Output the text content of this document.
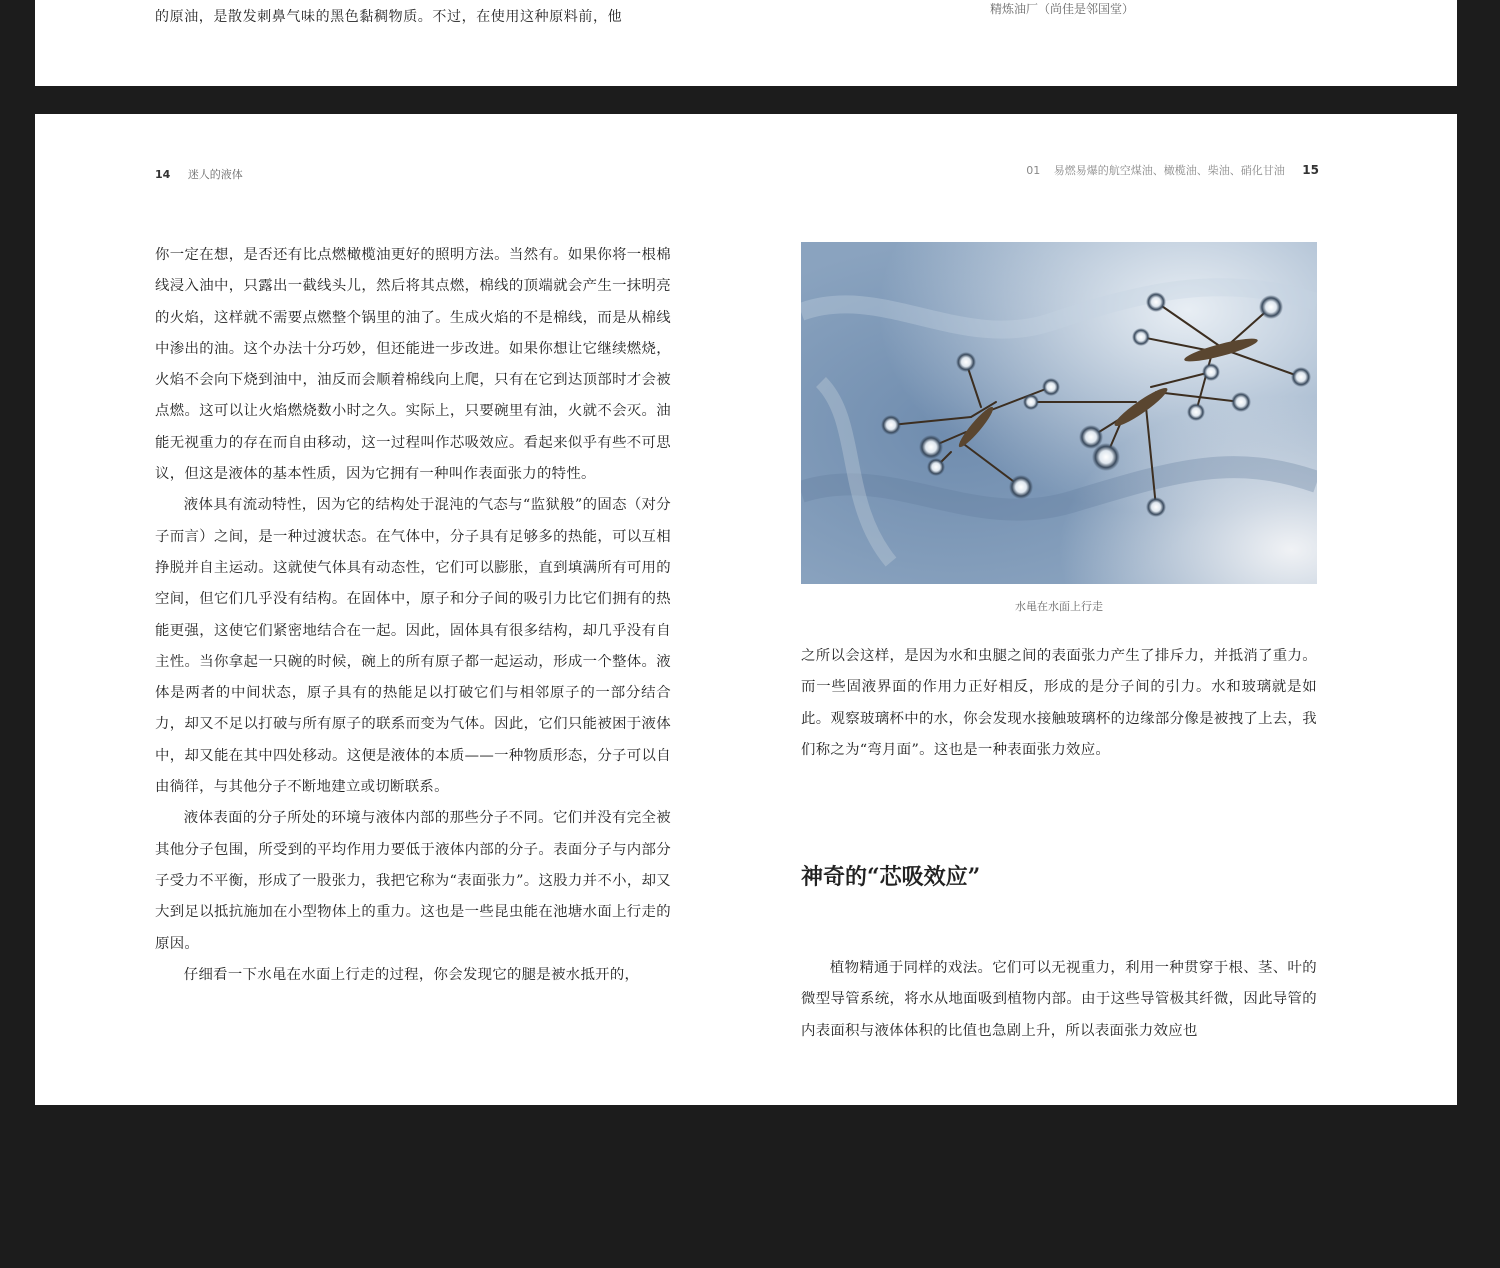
的原油，是散发刺鼻气味的黑色黏稠物质。不过，在使用这种原料前，他	精炼油厂（尚佳是邻国堂）
14 迷人的液体	01 易燃易爆的航空煤油、橄榄油、柴油、硝化甘油 15

你一定在想，是否还有比点燃橄榄油更好的照明方法。当然有。如果你将一根棉线浸入油中，只露出一截线头儿，然后将其点燃，棉线的顶端就会产生一抹明亮的火焰，这样就不需要点燃整个锅里的油了。生成火焰的不是棉线，而是从棉线中渗出的油。这个办法十分巧妙，但还能进一步改进。如果你想让它继续燃烧，火焰不会向下烧到油中，油反而会顺着棉线向上爬，只有在它到达顶部时才会被点燃。这可以让火焰燃烧数小时之久。实际上，只要碗里有油，火就不会灭。油能无视重力的存在而自由移动，这一过程叫作芯吸效应。看起来似乎有些不可思议，但这是液体的基本性质，因为它拥有一种叫作表面张力的特性。

液体具有流动特性，因为它的结构处于混沌的气态与“监狱般”的固态（对分子而言）之间，是一种过渡状态。在气体中，分子具有足够多的热能，可以互相挣脱并自主运动。这就使气体具有动态性，它们可以膨胀，直到填满所有可用的空间，但它们几乎没有结构。在固体中，原子和分子间的吸引力比它们拥有的热能更强，这使它们紧密地结合在一起。因此，固体具有很多结构，却几乎没有自主性。当你拿起一只碗的时候，碗上的所有原子都一起运动，形成一个整体。液体是两者的中间状态，原子具有的热能足以打破它们与相邻原子的一部分结合力，却又不足以打破与所有原子的联系而变为气体。因此，它们只能被困于液体中，却又能在其中四处移动。这便是液体的本质——一种物质形态，分子可以自由徜徉，与其他分子不断地建立或切断联系。

液体表面的分子所处的环境与液体内部的那些分子不同。它们并没有完全被其他分子包围，所受到的平均作用力要低于液体内部的分子。表面分子与内部分子受力不平衡，形成了一股张力，我把它称为“表面张力”。这股力并不小，却又大到足以抵抗施加在小型物体上的重力。这也是一些昆虫能在池塘水面上行走的原因。

仔细看一下水黾在水面上行走的过程，你会发现它的腿是被水抵开的，

水黾在水面上行走

之所以会这样，是因为水和虫腿之间的表面张力产生了排斥力，并抵消了重力。而一些固液界面的作用力正好相反，形成的是分子间的引力。水和玻璃就是如此。观察玻璃杯中的水，你会发现水接触玻璃杯的边缘部分像是被拽了上去，我们称之为“弯月面”。这也是一种表面张力效应。

神奇的“芯吸效应”

植物精通于同样的戏法。它们可以无视重力，利用一种贯穿于根、茎、叶的微型导管系统，将水从地面吸到植物内部。由于这些导管极其纤微，因此导管的内表面积与液体体积的比值也急剧上升，所以表面张力效应也
